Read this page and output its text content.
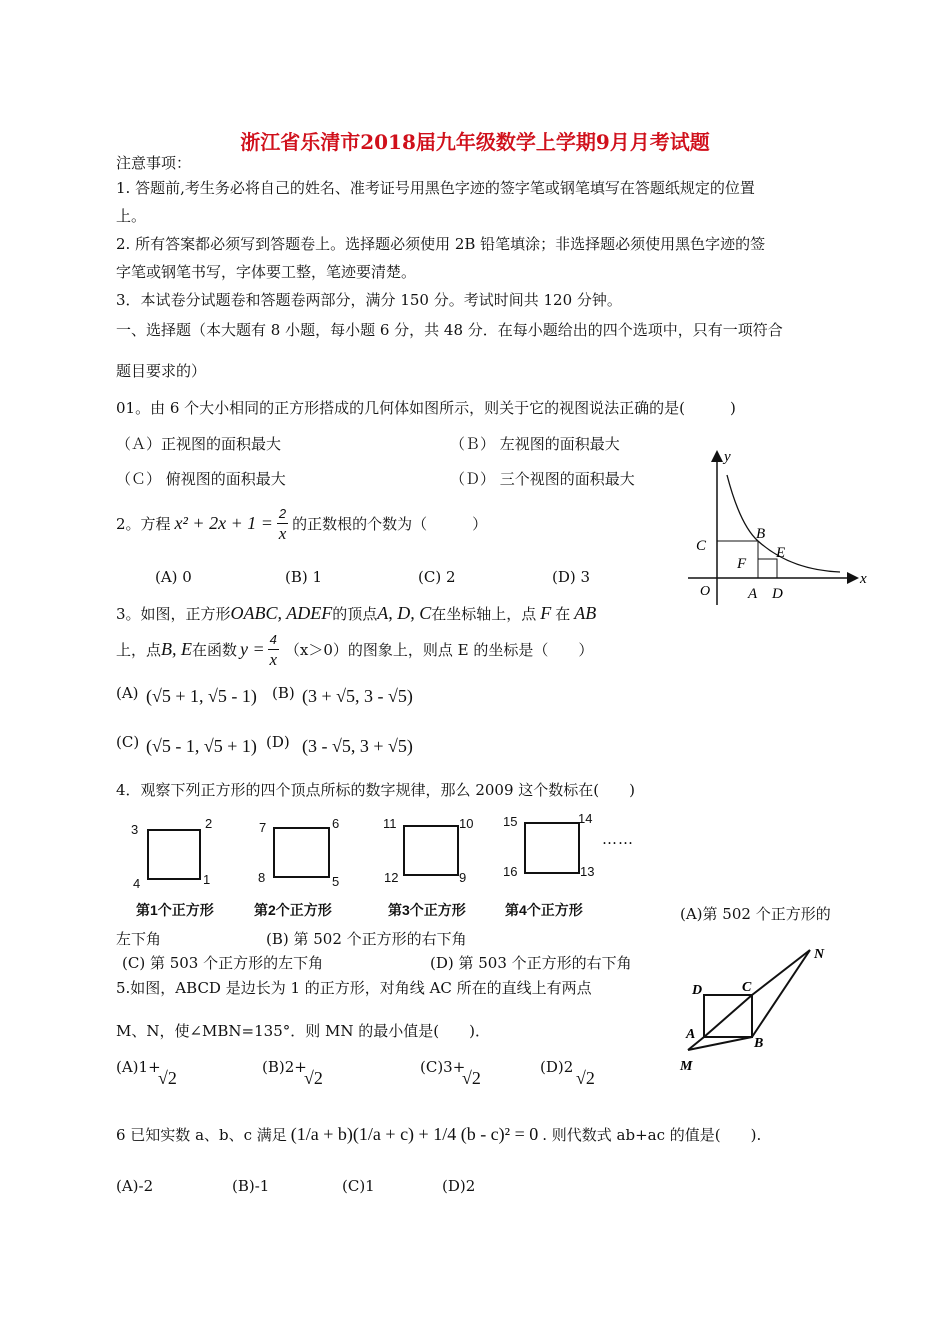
浙江省乐清市2018届九年级数学上学期9月月考试题
注意事项：
1. 答题前,考生务必将自己的姓名、准考证号用黑色字迹的签字笔或钢笔填写在答题纸规定的位置
上。
2. 所有答案都必须写到答题卷上。选择题必须使用 2B 铅笔填涂；非选择题必须使用黑色字迹的签
字笔或钢笔书写，字体要工整，笔迹要清楚。
3．本试卷分试题卷和答题卷两部分，满分 150 分。考试时间共 120 分钟。
一、选择题（本大题有 8 小题，每小题 6 分，共 48 分．在每小题给出的四个选项中，只有一项符合
题目要求的）
01。由 6 个大小相同的正方形搭成的几何体如图所示，则关于它的视图说法正确的是(　　　)
（Ａ）正视图的面积最大	（Ｂ） 左视图的面积最大
（Ｃ） 俯视图的面积最大	（Ｄ） 三个视图的面积最大
2。方程 $x^2 + 2x + 1 = \frac{2}{x}$ 的正数根的个数为（　　　）
(A) 0	(B) 1	(C) 2	(D) 3
3。如图，正方形OABC, ADEF的顶点A, D, C在坐标轴上，点 F 在 AB
上，点 B, E 在函数 $y = \frac{4}{x} (x>0)$的图象上，则点 E 的坐标是（　　）
(A) (√5 + 1, √5 - 1) (B) (3 + √5, 3 - √5)
(C) (√5 - 1, √5 + 1) (D) (3 - √5, 3 + √5)
y
x
O	A D
C
B
E
F
4．观察下列正方形的四个顶点所标的数字规律，那么 2009 这个数标在(　　)
3	2
4	1
第1个正方形
7	6
8	5
第2个正方形
11	10
12	9
第3个正方形
15	14
16	13
第4个正方形
……
(A)第 502 个正方形的
左下角	(B) 第 502 个正方形的右下角
(C) 第 503 个正方形的左下角	(D) 第 503 个正方形的右下角
5.如图，ABCD 是边长为 1 的正方形，对角线 AC 所在的直线上有两点
M、N，使∠MBN=135°．则 MN 的最小值是(　　)．
(A)1+
√2
(B)2+
√2
(C)3+
√2
(D)2
√2
N
D	C
A
B
M
6 已知实数 a、b、c 满足 (1/a + b)(1/a + c) + 1/4 (b - c)² = 0 . 则代数式 ab+ac 的值是(　　).
(A)-2	(B)-1	(C)1	(D)2
